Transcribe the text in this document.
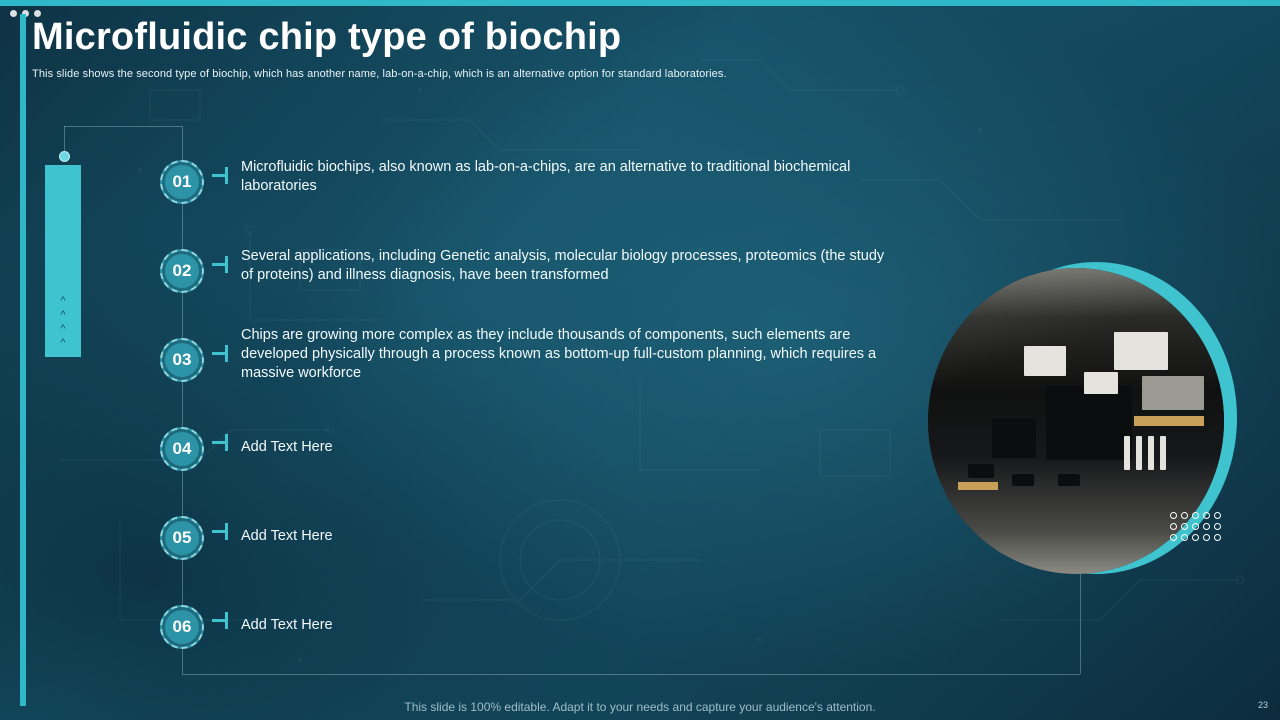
Microfluidic chip type of biochip
This slide shows the second type of biochip, which has another name, lab-on-a-chip, which is an alternative option for standard laboratories.
^
^
^
^
01
Microfluidic biochips, also known as lab-on-a-chips, are an alternative to traditional biochemical laboratories
02
Several applications, including Genetic analysis, molecular biology processes, proteomics (the study of proteins) and illness diagnosis, have been transformed
03
Chips are growing more complex as they include thousands of components, such elements are developed physically through a process known as bottom-up full-custom planning, which requires a massive workforce
04	Add Text Here
05	Add Text Here
06	Add Text Here
This slide is 100% editable. Adapt it to your needs and capture your audience's attention.	23
